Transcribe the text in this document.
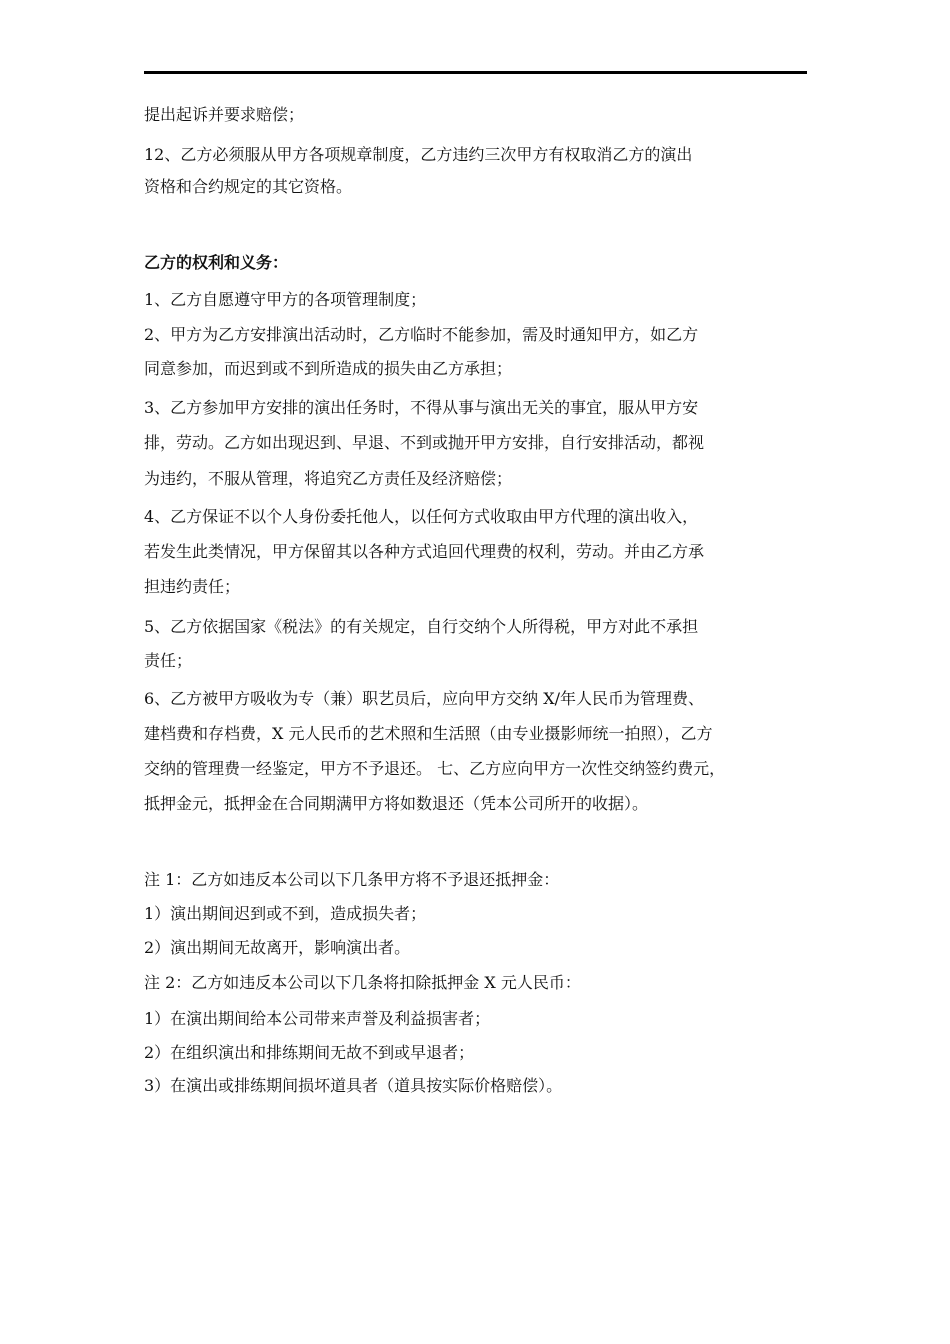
提出起诉并要求赔偿；
12、乙方必须服从甲方各项规章制度，乙方违约三次甲方有权取消乙方的演出
资格和合约规定的其它资格。
乙方的权利和义务：
1、乙方自愿遵守甲方的各项管理制度；
2、甲方为乙方安排演出活动时，乙方临时不能参加，需及时通知甲方，如乙方
同意参加，而迟到或不到所造成的损失由乙方承担；
3、乙方参加甲方安排的演出任务时，不得从事与演出无关的事宜，服从甲方安
排，劳动。乙方如出现迟到、早退、不到或抛开甲方安排，自行安排活动，都视
为违约，不服从管理，将追究乙方责任及经济赔偿；
4、乙方保证不以个人身份委托他人，以任何方式收取由甲方代理的演出收入，
若发生此类情况，甲方保留其以各种方式追回代理费的权利，劳动。并由乙方承
担违约责任；
5、乙方依据国家《税法》的有关规定，自行交纳个人所得税，甲方对此不承担
责任；
6、乙方被甲方吸收为专（兼）职艺员后，应向甲方交纳 X/年人民币为管理费、
建档费和存档费，X 元人民币的艺术照和生活照（由专业摄影师统一拍照），乙方
交纳的管理费一经鉴定，甲方不予退还。 七、乙方应向甲方一次性交纳签约费元，
抵押金元，抵押金在合同期满甲方将如数退还（凭本公司所开的收据）。
注 1：乙方如违反本公司以下几条甲方将不予退还抵押金：
1）演出期间迟到或不到，造成损失者；
2）演出期间无故离开，影响演出者。
注 2：乙方如违反本公司以下几条将扣除抵押金 X 元人民币：
1）在演出期间给本公司带来声誉及利益损害者；
2）在组织演出和排练期间无故不到或早退者；
3）在演出或排练期间损坏道具者（道具按实际价格赔偿）。
